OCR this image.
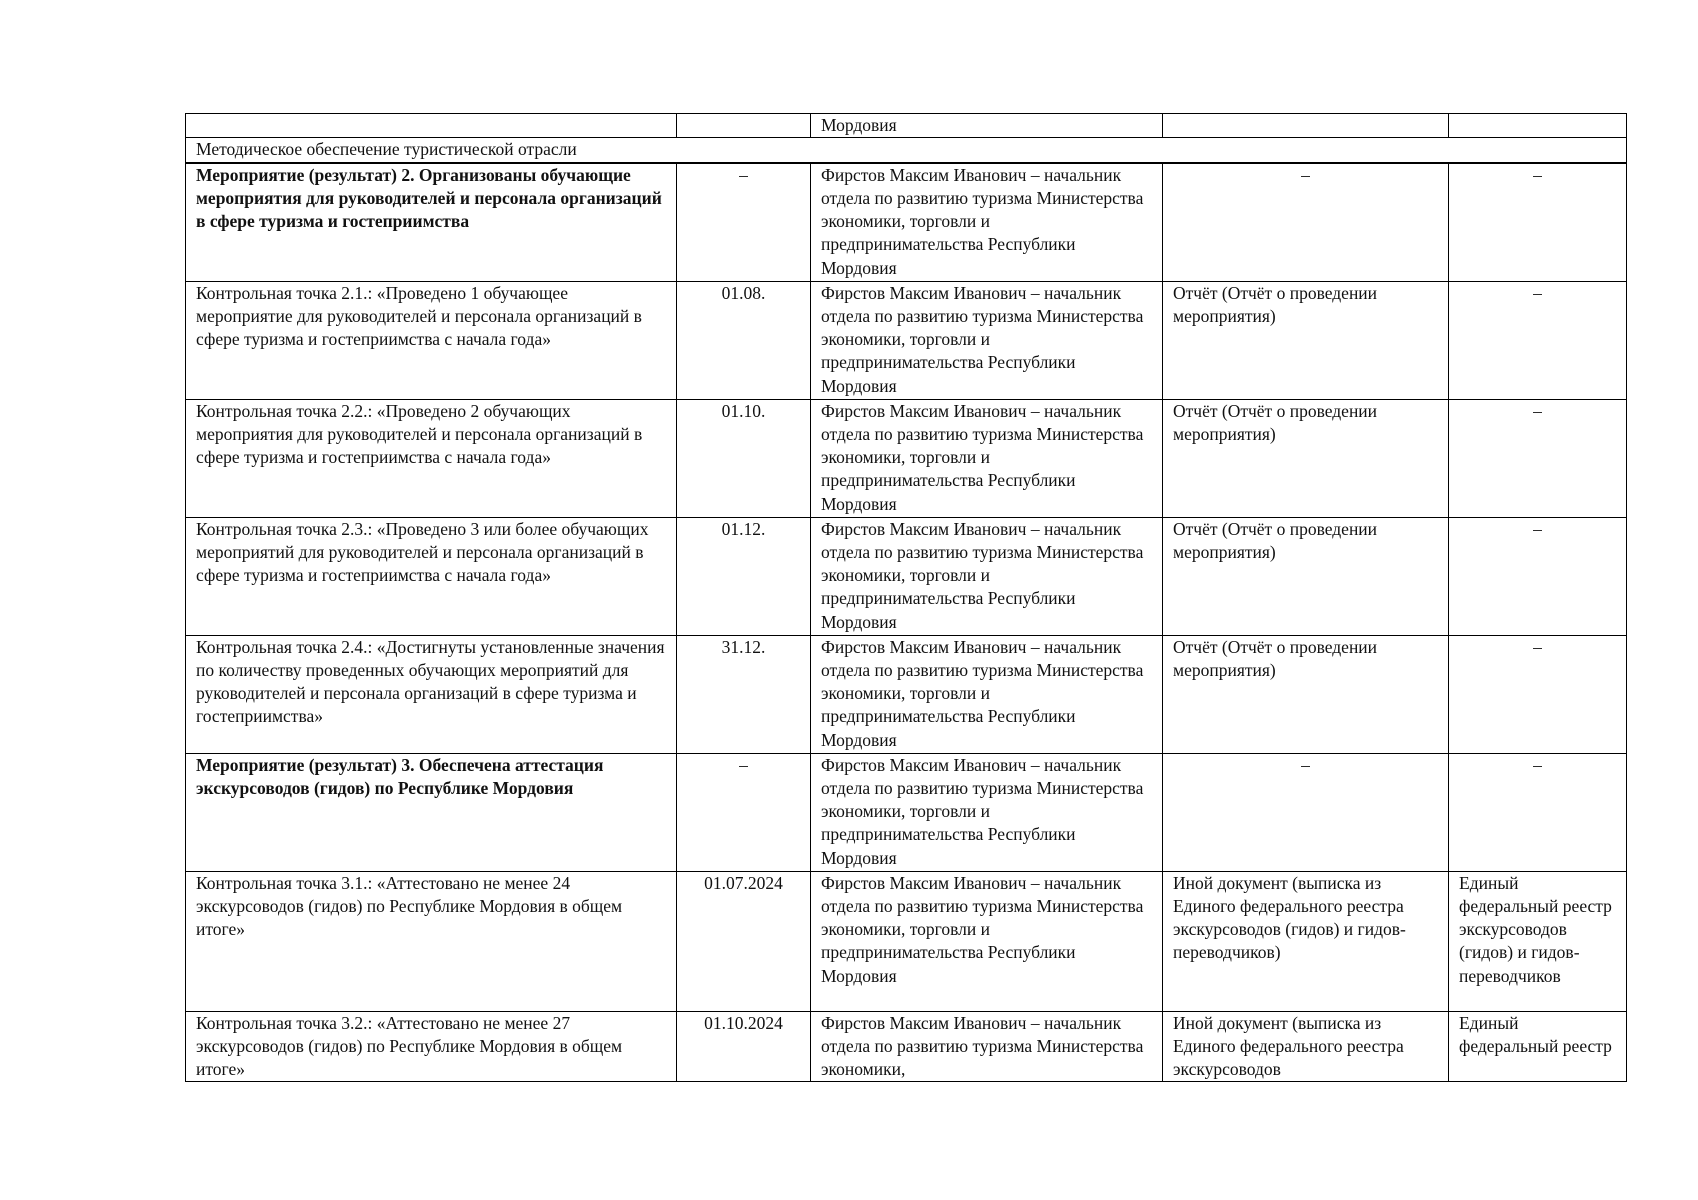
		Мордовия		
Методическое обеспечение туристической отрасли				
Мероприятие (результат) 2. Организованы обучающие мероприятия для руководителей и персонала организаций в сфере туризма и гостеприимства	–	Фирстов Максим Иванович – начальник отдела по развитию туризма Министерства экономики, торговли и предпринимательства Республики Мордовия	–	–
Контрольная точка 2.1.: «Проведено 1 обучающее мероприятие для руководителей и персонала организаций в сфере туризма и гостеприимства с начала года»	01.08.	Фирстов Максим Иванович – начальник отдела по развитию туризма Министерства экономики, торговли и предпринимательства Республики Мордовия	Отчёт (Отчёт о проведении мероприятия)	–
Контрольная точка 2.2.: «Проведено 2 обучающих мероприятия для руководителей и персонала организаций в сфере туризма и гостеприимства с начала года»	01.10.	Фирстов Максим Иванович – начальник отдела по развитию туризма Министерства экономики, торговли и предпринимательства Республики Мордовия	Отчёт (Отчёт о проведении мероприятия)	–
Контрольная точка 2.3.: «Проведено 3 или более обучающих мероприятий для руководителей и персонала организаций в сфере туризма и гостеприимства с начала года»	01.12.	Фирстов Максим Иванович – начальник отдела по развитию туризма Министерства экономики, торговли и предпринимательства Республики Мордовия	Отчёт (Отчёт о проведении мероприятия)	–
Контрольная точка 2.4.: «Достигнуты установленные значения по количеству проведенных обучающих мероприятий для руководителей и персонала организаций в сфере туризма и гостеприимства»	31.12.	Фирстов Максим Иванович – начальник отдела по развитию туризма Министерства экономики, торговли и предпринимательства Республики Мордовия	Отчёт (Отчёт о проведении мероприятия)	–
Мероприятие (результат) 3. Обеспечена аттестация экскурсоводов (гидов) по Республике Мордовия	–	Фирстов Максим Иванович – начальник отдела по развитию туризма Министерства экономики, торговли и предпринимательства Республики Мордовия	–	–
Контрольная точка 3.1.: «Аттестовано не менее 24 экскурсоводов (гидов) по Республике Мордовия в общем итоге»	01.07.2024	Фирстов Максим Иванович – начальник отдела по развитию туризма Министерства экономики, торговли и предпринимательства Республики Мордовия	Иной документ (выписка из Единого федерального реестра экскурсоводов (гидов) и гидов-переводчиков)	Единый федеральный реестр экскурсоводов (гидов) и гидов-переводчиков
Контрольная точка 3.2.: «Аттестовано не менее 27 экскурсоводов (гидов) по Республике Мордовия в общем итоге»	01.10.2024	Фирстов Максим Иванович – начальник отдела по развитию туризма Министерства экономики,	Иной документ (выписка из Единого федерального реестра экскурсоводов	Единый федеральный реестр
